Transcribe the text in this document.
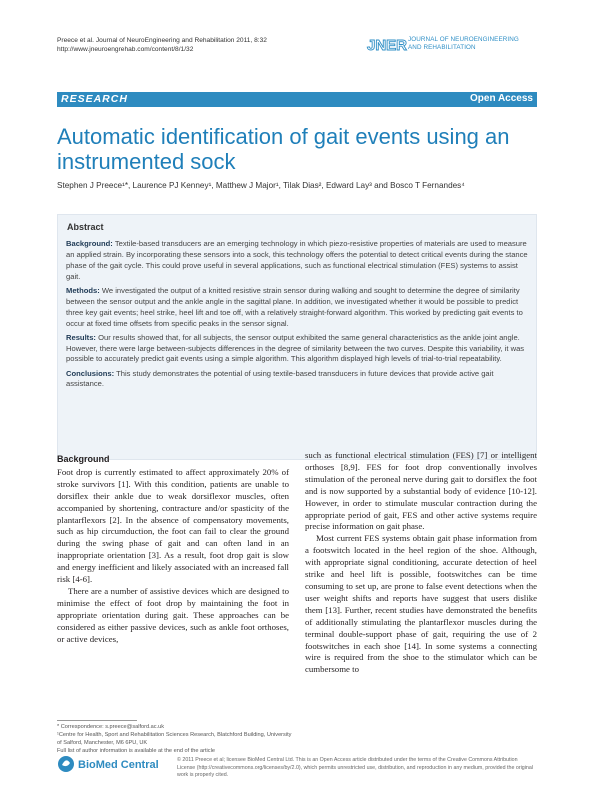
Preece et al. Journal of NeuroEngineering and Rehabilitation 2011, 8:32
http://www.jneuroengrehab.com/content/8/1/32	JNER JOURNAL OF NEUROENGINEERING
AND REHABILITATION
RESEARCH	Open Access
Automatic identification of gait events using an instrumented sock
Stephen J Preece¹*, Laurence PJ Kenney¹, Matthew J Major¹, Tilak Dias², Edward Lay³ and Bosco T Fernandes⁴
Abstract

Background: Textile-based transducers are an emerging technology in which piezo-resistive properties of materials are used to measure an applied strain. By incorporating these sensors into a sock, this technology offers the potential to detect critical events during the stance phase of the gait cycle. This could prove useful in several applications, such as functional electrical stimulation (FES) systems to assist gait.

Methods: We investigated the output of a knitted resistive strain sensor during walking and sought to determine the degree of similarity between the sensor output and the ankle angle in the sagittal plane. In addition, we investigated whether it would be possible to predict three key gait events; heel strike, heel lift and toe off, with a relatively straight-forward algorithm. This worked by predicting gait events to occur at fixed time offsets from specific peaks in the sensor signal.

Results: Our results showed that, for all subjects, the sensor output exhibited the same general characteristics as the ankle joint angle. However, there were large between-subjects differences in the degree of similarity between the two curves. Despite this variability, it was possible to accurately predict gait events using a simple algorithm. This algorithm displayed high levels of trial-to-trial repeatability.

Conclusions: This study demonstrates the potential of using textile-based transducers in future devices that provide active gait assistance.

Background

Foot drop is currently estimated to affect approximately 20% of stroke survivors [1]. With this condition, patients are unable to dorsiflex their ankle due to weak dorsiflexor muscles, often accompanied by shortening, contracture and/or spasticity of the plantarflexors [2]. In the absence of compensatory movements, such as hip circumduction, the foot can fail to clear the ground during the swing phase of gait and can often land in an inappropriate orientation [3]. As a result, foot drop gait is slow and energy inefficient and likely associated with an increased fall risk [4-6].

There are a number of assistive devices which are designed to minimise the effect of foot drop by maintaining the foot in appropriate orientation during gait. These approaches can be considered as either passive devices, such as ankle foot orthoses, or active devices,

such as functional electrical stimulation (FES) [7] or intelligent orthoses [8,9]. FES for foot drop conventionally involves stimulation of the peroneal nerve during gait to dorsiflex the foot and is now supported by a substantial body of evidence [10-12]. However, in order to stimulate muscular contraction during the appropriate period of gait, FES and other active systems require precise information on gait phase.

Most current FES systems obtain gait phase information from a footswitch located in the heel region of the shoe. Although, with appropriate signal conditioning, accurate detection of heel strike and heel lift is possible, footswitches can be time consuming to set up, are prone to false event detections when the user weight shifts and reports have suggest that users dislike them [13]. Further, recent studies have demonstrated the benefits of additionally stimulating the plantarflexor muscles during the terminal double-support phase of gait, requiring the use of 2 footswitches in each shoe [14]. In some systems a connecting wire is required from the shoe to the stimulator which can be cumbersome to

* Correspondence: s.preece@salford.ac.uk
¹Centre for Health, Sport and Rehabilitation Sciences Research, Blatchford Building, University of Salford, Manchester, M6 6PU, UK
Full list of author information is available at the end of the article
BioMed Central	© 2011 Preece et al; licensee BioMed Central Ltd. This is an Open Access article distributed under the terms of the Creative Commons Attribution License (http://creativecommons.org/licenses/by/2.0), which permits unrestricted use, distribution, and reproduction in any medium, provided the original work is properly cited.
